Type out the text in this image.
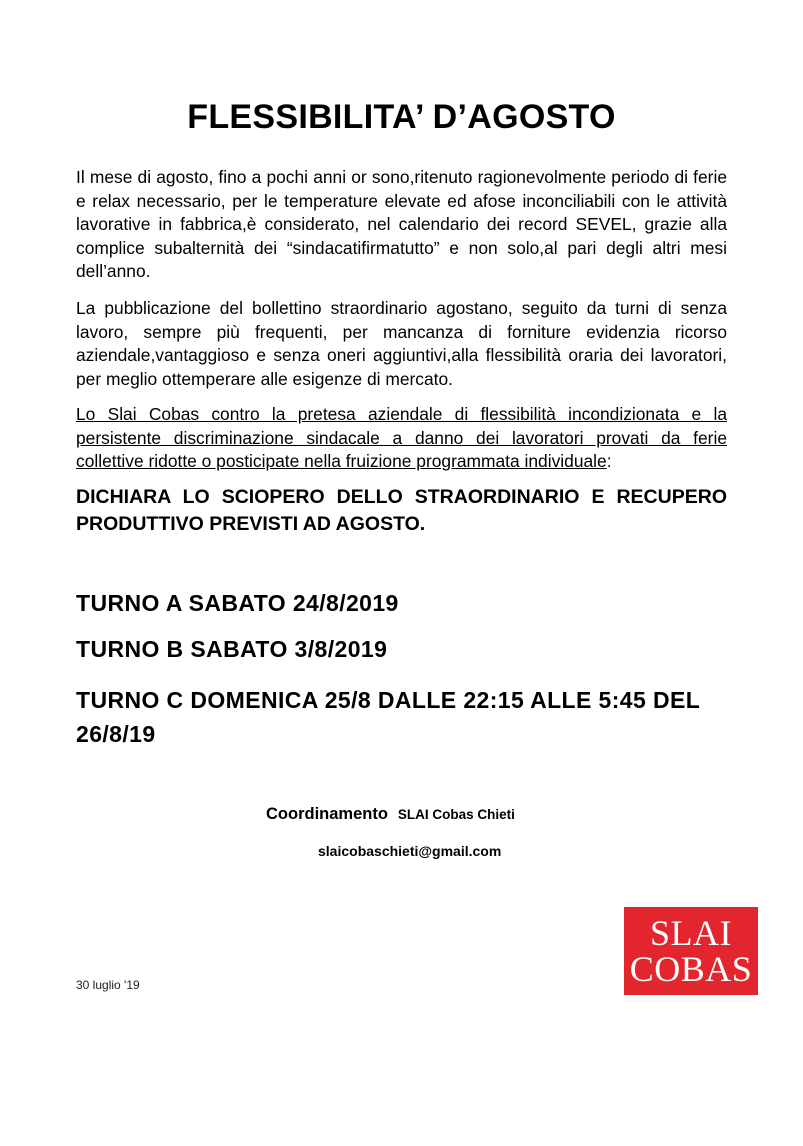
FLESSIBILITA’ D’AGOSTO

Il mese di agosto, fino a pochi anni or sono,ritenuto ragionevolmente periodo di ferie e relax necessario, per le temperature elevate ed afose inconciliabili con le attività lavorative in fabbrica,è considerato, nel calendario dei record SEVEL, grazie alla complice subalternità dei “sindacatifirmatutto” e non solo,al pari degli altri mesi dell’anno.

La pubblicazione del bollettino straordinario agostano, seguito da turni di senza lavoro, sempre più frequenti, per mancanza di forniture evidenzia ricorso aziendale,vantaggioso e senza oneri aggiuntivi,alla flessibilità oraria dei lavoratori, per meglio ottemperare alle esigenze di mercato.

Lo Slai Cobas contro la pretesa aziendale di flessibilità incondizionata e la persistente discriminazione sindacale a danno dei lavoratori provati da ferie collettive ridotte o posticipate nella fruizione programmata individuale:

DICHIARA LO SCIOPERO DELLO STRAORDINARIO E RECUPERO PRODUTTIVO PREVISTI AD AGOSTO.

TURNO A SABATO 24/8/2019

TURNO B SABATO 3/8/2019

TURNO C DOMENICA 25/8 DALLE 22:15 ALLE 5:45 DEL 26/8/19

Coordinamento SLAI Cobas Chieti

slaicobaschieti@gmail.com

SLAI
COBAS

30 luglio '19
